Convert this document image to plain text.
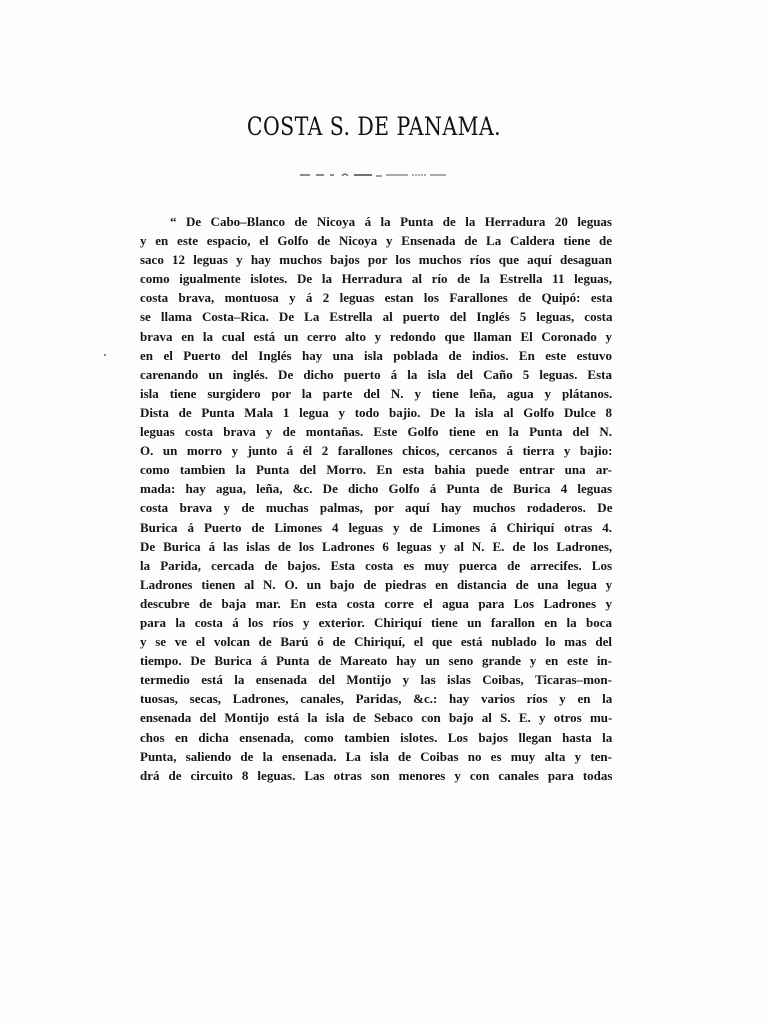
COSTA S. DE PANAMA.
“ De Cabo–Blanco de Nicoya á la Punta de la Herradura 20 leguas
y en este espacio, el Golfo de Nicoya y Ensenada de La Caldera tiene de
saco 12 leguas y hay muchos bajos por los muchos ríos que aquí desaguan
como igualmente islotes. De la Herradura al río de la Estrella 11 leguas,
costa brava, montuosa y á 2 leguas estan los Farallones de Quipó: esta
se llama Costa–Rica. De La Estrella al puerto del Inglés 5 leguas, costa
brava en la cual está un cerro alto y redondo que llaman El Coronado y
en el Puerto del Inglés hay una isla poblada de indios. En este estuvo
carenando un inglés. De dicho puerto á la isla del Caño 5 leguas. Esta
isla tiene surgidero por la parte del N. y tiene leña, agua y plátanos.
Dista de Punta Mala 1 legua y todo bajio. De la isla al Golfo Dulce 8
leguas costa brava y de montañas. Este Golfo tiene en la Punta del N.
O. un morro y junto á él 2 farallones chicos, cercanos á tierra y bajio:
como tambien la Punta del Morro. En esta bahia puede entrar una ar-
mada: hay agua, leña, &c. De dicho Golfo á Punta de Burica 4 leguas
costa brava y de muchas palmas, por aquí hay muchos rodaderos. De
Burica á Puerto de Limones 4 leguas y de Limones á Chiriquí otras 4.
De Burica á las islas de los Ladrones 6 leguas y al N. E. de los Ladrones,
la Parida, cercada de bajos. Esta costa es muy puerca de arrecifes. Los
Ladrones tienen al N. O. un bajo de piedras en distancia de una legua y
descubre de baja mar. En esta costa corre el agua para Los Ladrones y
para la costa á los ríos y exterior. Chiriquí tiene un farallon en la boca
y se ve el volcan de Barú ó de Chiriquí, el que está nublado lo mas del
tiempo. De Burica á Punta de Mareato hay un seno grande y en este in-
termedio está la ensenada del Montijo y las islas Coibas, Ticaras–mon-
tuosas, secas, Ladrones, canales, Paridas, &c.: hay varios ríos y en la
ensenada del Montijo está la isla de Sebaco con bajo al S. E. y otros mu-
chos en dicha ensenada, como tambien islotes. Los bajos llegan hasta la
Punta, saliendo de la ensenada. La isla de Coibas no es muy alta y ten-
drá de circuito 8 leguas. Las otras son menores y con canales para todas
